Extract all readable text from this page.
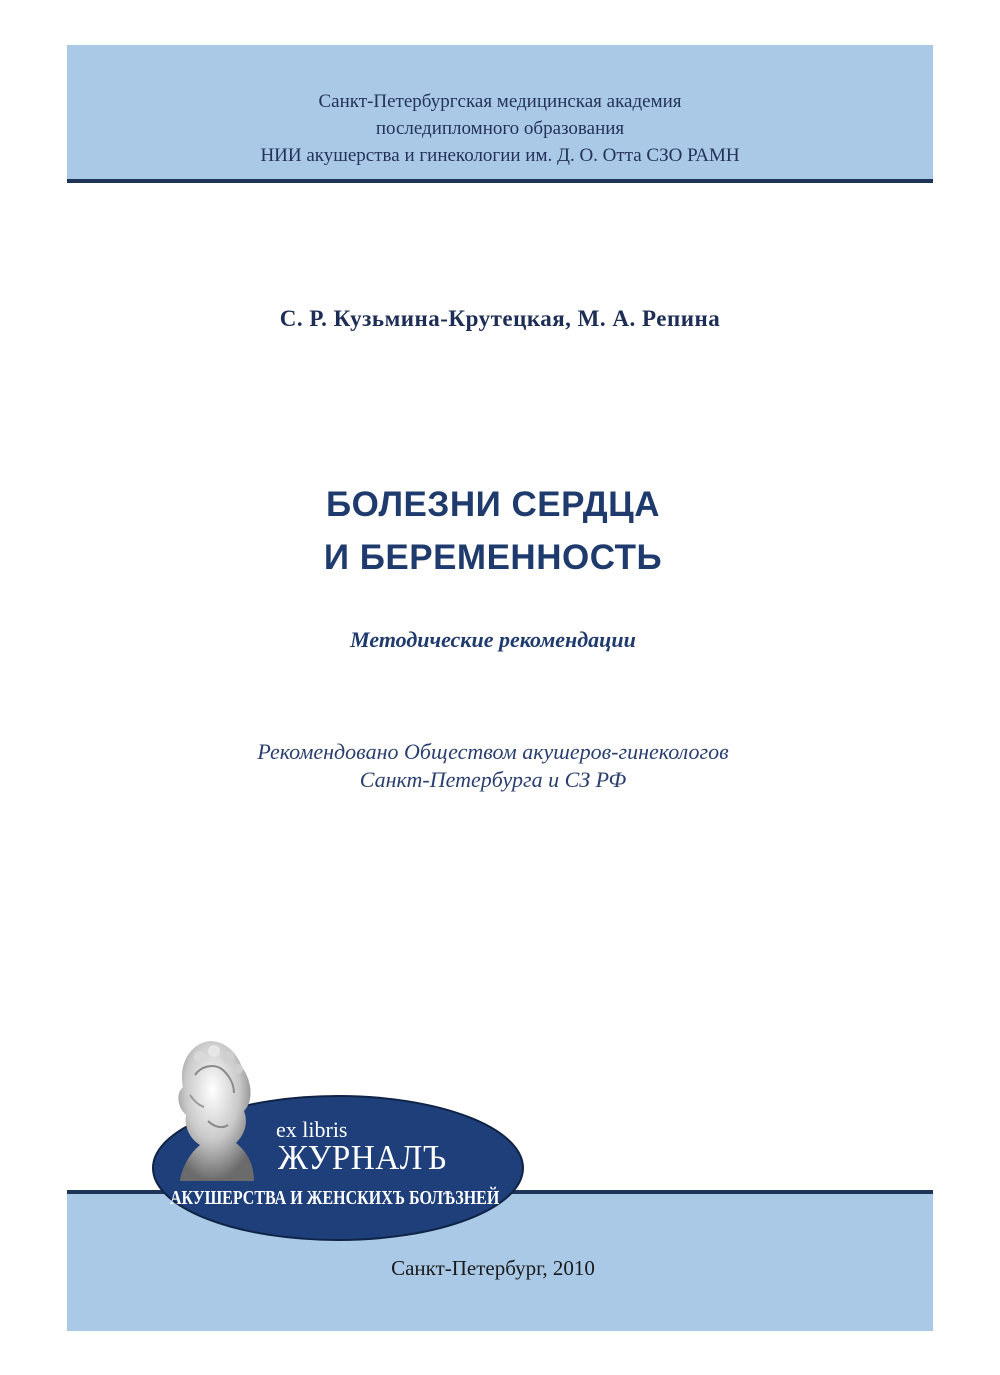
Санкт-Петербургская медицинская академия
последипломного образования
НИИ акушерства и гинекологии им. Д. О. Отта СЗО РАМН
С. Р. Кузьмина-Крутецкая, М. А. Репина
БОЛЕЗНИ СЕРДЦА
И БЕРЕМЕННОСТЬ
Методические рекомендации
Рекомендовано Обществом акушеров-гинекологов
Санкт-Петербурга и СЗ РФ
ex libris
ЖУРНАЛЪ
АКУШЕРСТВА И ЖЕНСКИХЪ БОЛѢЗНЕЙ
Санкт-Петербург, 2010
